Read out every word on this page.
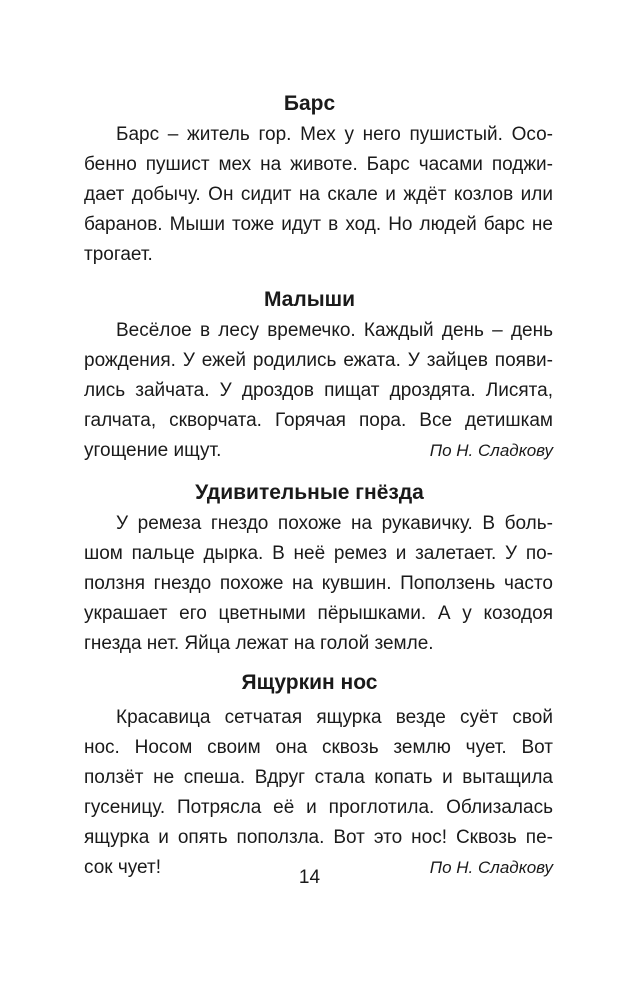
Барс

Барс – житель гор. Мех у него пушистый. Осо-

бенно пушист мех на животе. Барс часами поджи-

дает добычу. Он сидит на скале и ждёт козлов или

баранов. Мыши тоже идут в ход. Но людей барс не

трогает.

Малыши

Весёлое в лесу времечко. Каждый день – день

рождения. У ежей родились ежата. У зайцев появи-

лись зайчата. У дроздов пищат дроздята. Лисята,

галчата, скворчата. Горячая пора. Все детишкам

угощение ищут.	По Н. Сладкову
Удивительные гнёзда

У ремеза гнездо похоже на рукавичку. В боль-

шом пальце дырка. В неё ремез и залетает. У по-

ползня гнездо похоже на кувшин. Поползень часто

украшает его цветными пёрышками. А у козодоя

гнезда нет. Яйца лежат на голой земле.

Ящуркин нос

Красавица сетчатая ящурка везде суёт свой

нос. Носом своим она сквозь землю чует. Вот

ползёт не спеша. Вдруг стала копать и вытащила

гусеницу. Потрясла её и проглотила. Облизалась

ящурка и опять поползла. Вот это нос! Сквозь пе-

сок чует!	По Н. Сладкову
14
